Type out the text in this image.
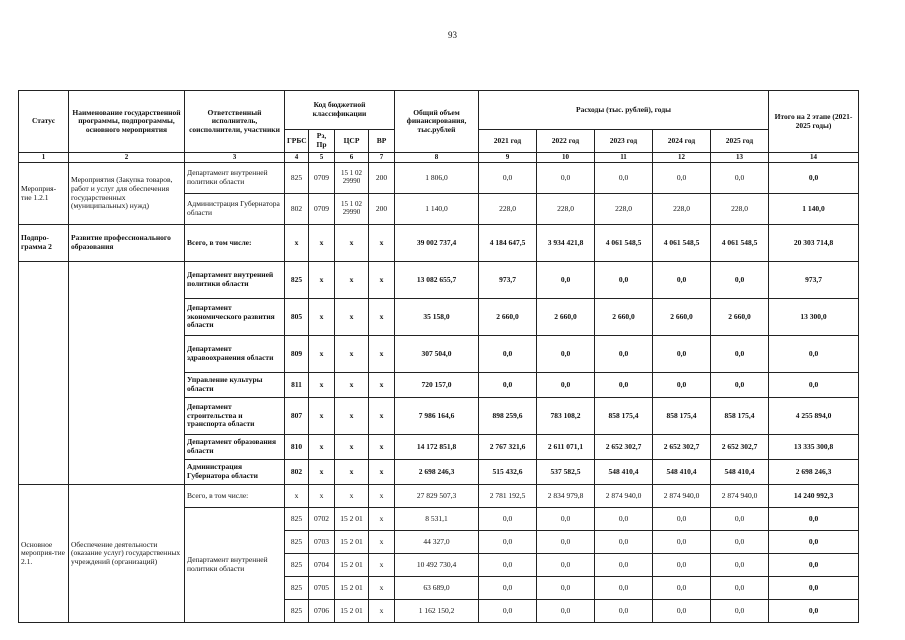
93
Статус	Наименование государственной программы, подпрограммы, основного мероприятия	Ответственный исполнитель, соисполнители, участники	Код бюджетной классификации				Общий объем финансирования, тыс.рублей	Расходы (тыс. рублей), годы					Итого на 2 этапе (2021-2025 годы)
			ГРБС	Рз, Пр	ЦСР	ВР		2021 год	2022 год	2023 год	2024 год	2025 год	
1	2	3	4	5	6	7	8	9	10	11	12	13	14
Мероприя-тие 1.2.1	Мероприятия (Закупка товаров, работ и услуг для обеспечения государственных (муниципальных) нужд)	Департамент внутренней политики области	825	0709	15 1 02 29990	200	1 806,0	0,0	0,0	0,0	0,0	0,0	0,0
		Администрация Губернатора области	802	0709	15 1 02 29990	200	1 140,0	228,0	228,0	228,0	228,0	228,0	1 140,0
Подпро-грамма 2	Развитие профессионального образования	Всего, в том числе:	x	x	x	x	39 002 737,4	4 184 647,5	3 934 421,8	4 061 548,5	4 061 548,5	4 061 548,5	20 303 714,8
		Департамент внутренней политики области	825	x	x	x	13 082 655,7	973,7	0,0	0,0	0,0	0,0	973,7
		Департамент экономического развития области	805	x	x	x	35 158,0	2 660,0	2 660,0	2 660,0	2 660,0	2 660,0	13 300,0
		Департамент здравоохранения области	809	x	x	x	307 504,0	0,0	0,0	0,0	0,0	0,0	0,0
		Управление культуры области	811	x	x	x	720 157,0	0,0	0,0	0,0	0,0	0,0	0,0
		Департамент строительства и транспорта области	807	x	x	x	7 986 164,6	898 259,6	783 108,2	858 175,4	858 175,4	858 175,4	4 255 894,0
		Департамент образования области	810	x	x	x	14 172 851,8	2 767 321,6	2 611 071,1	2 652 302,7	2 652 302,7	2 652 302,7	13 335 300,8
		Администрация Губернатора области	802	x	x	x	2 698 246,3	515 432,6	537 582,5	548 410,4	548 410,4	548 410,4	2 698 246,3
Основное мероприя-тие 2.1.	Обеспечение деятельности (оказание услуг) государственных учреждений (организаций)	Всего, в том числе:	x	x	x	x	27 829 507,3	2 781 192,5	2 834 979,8	2 874 940,0	2 874 940,0	2 874 940,0	14 240 992,3
		Департамент внутренней политики области	825	0702	15 2 01	x	8 531,1	0,0	0,0	0,0	0,0	0,0	0,0
			825	0703	15 2 01	x	44 327,0	0,0	0,0	0,0	0,0	0,0	0,0
			825	0704	15 2 01	x	10 492 730,4	0,0	0,0	0,0	0,0	0,0	0,0
			825	0705	15 2 01	x	63 689,0	0,0	0,0	0,0	0,0	0,0	0,0
			825	0706	15 2 01	x	1 162 150,2	0,0	0,0	0,0	0,0	0,0	0,0
